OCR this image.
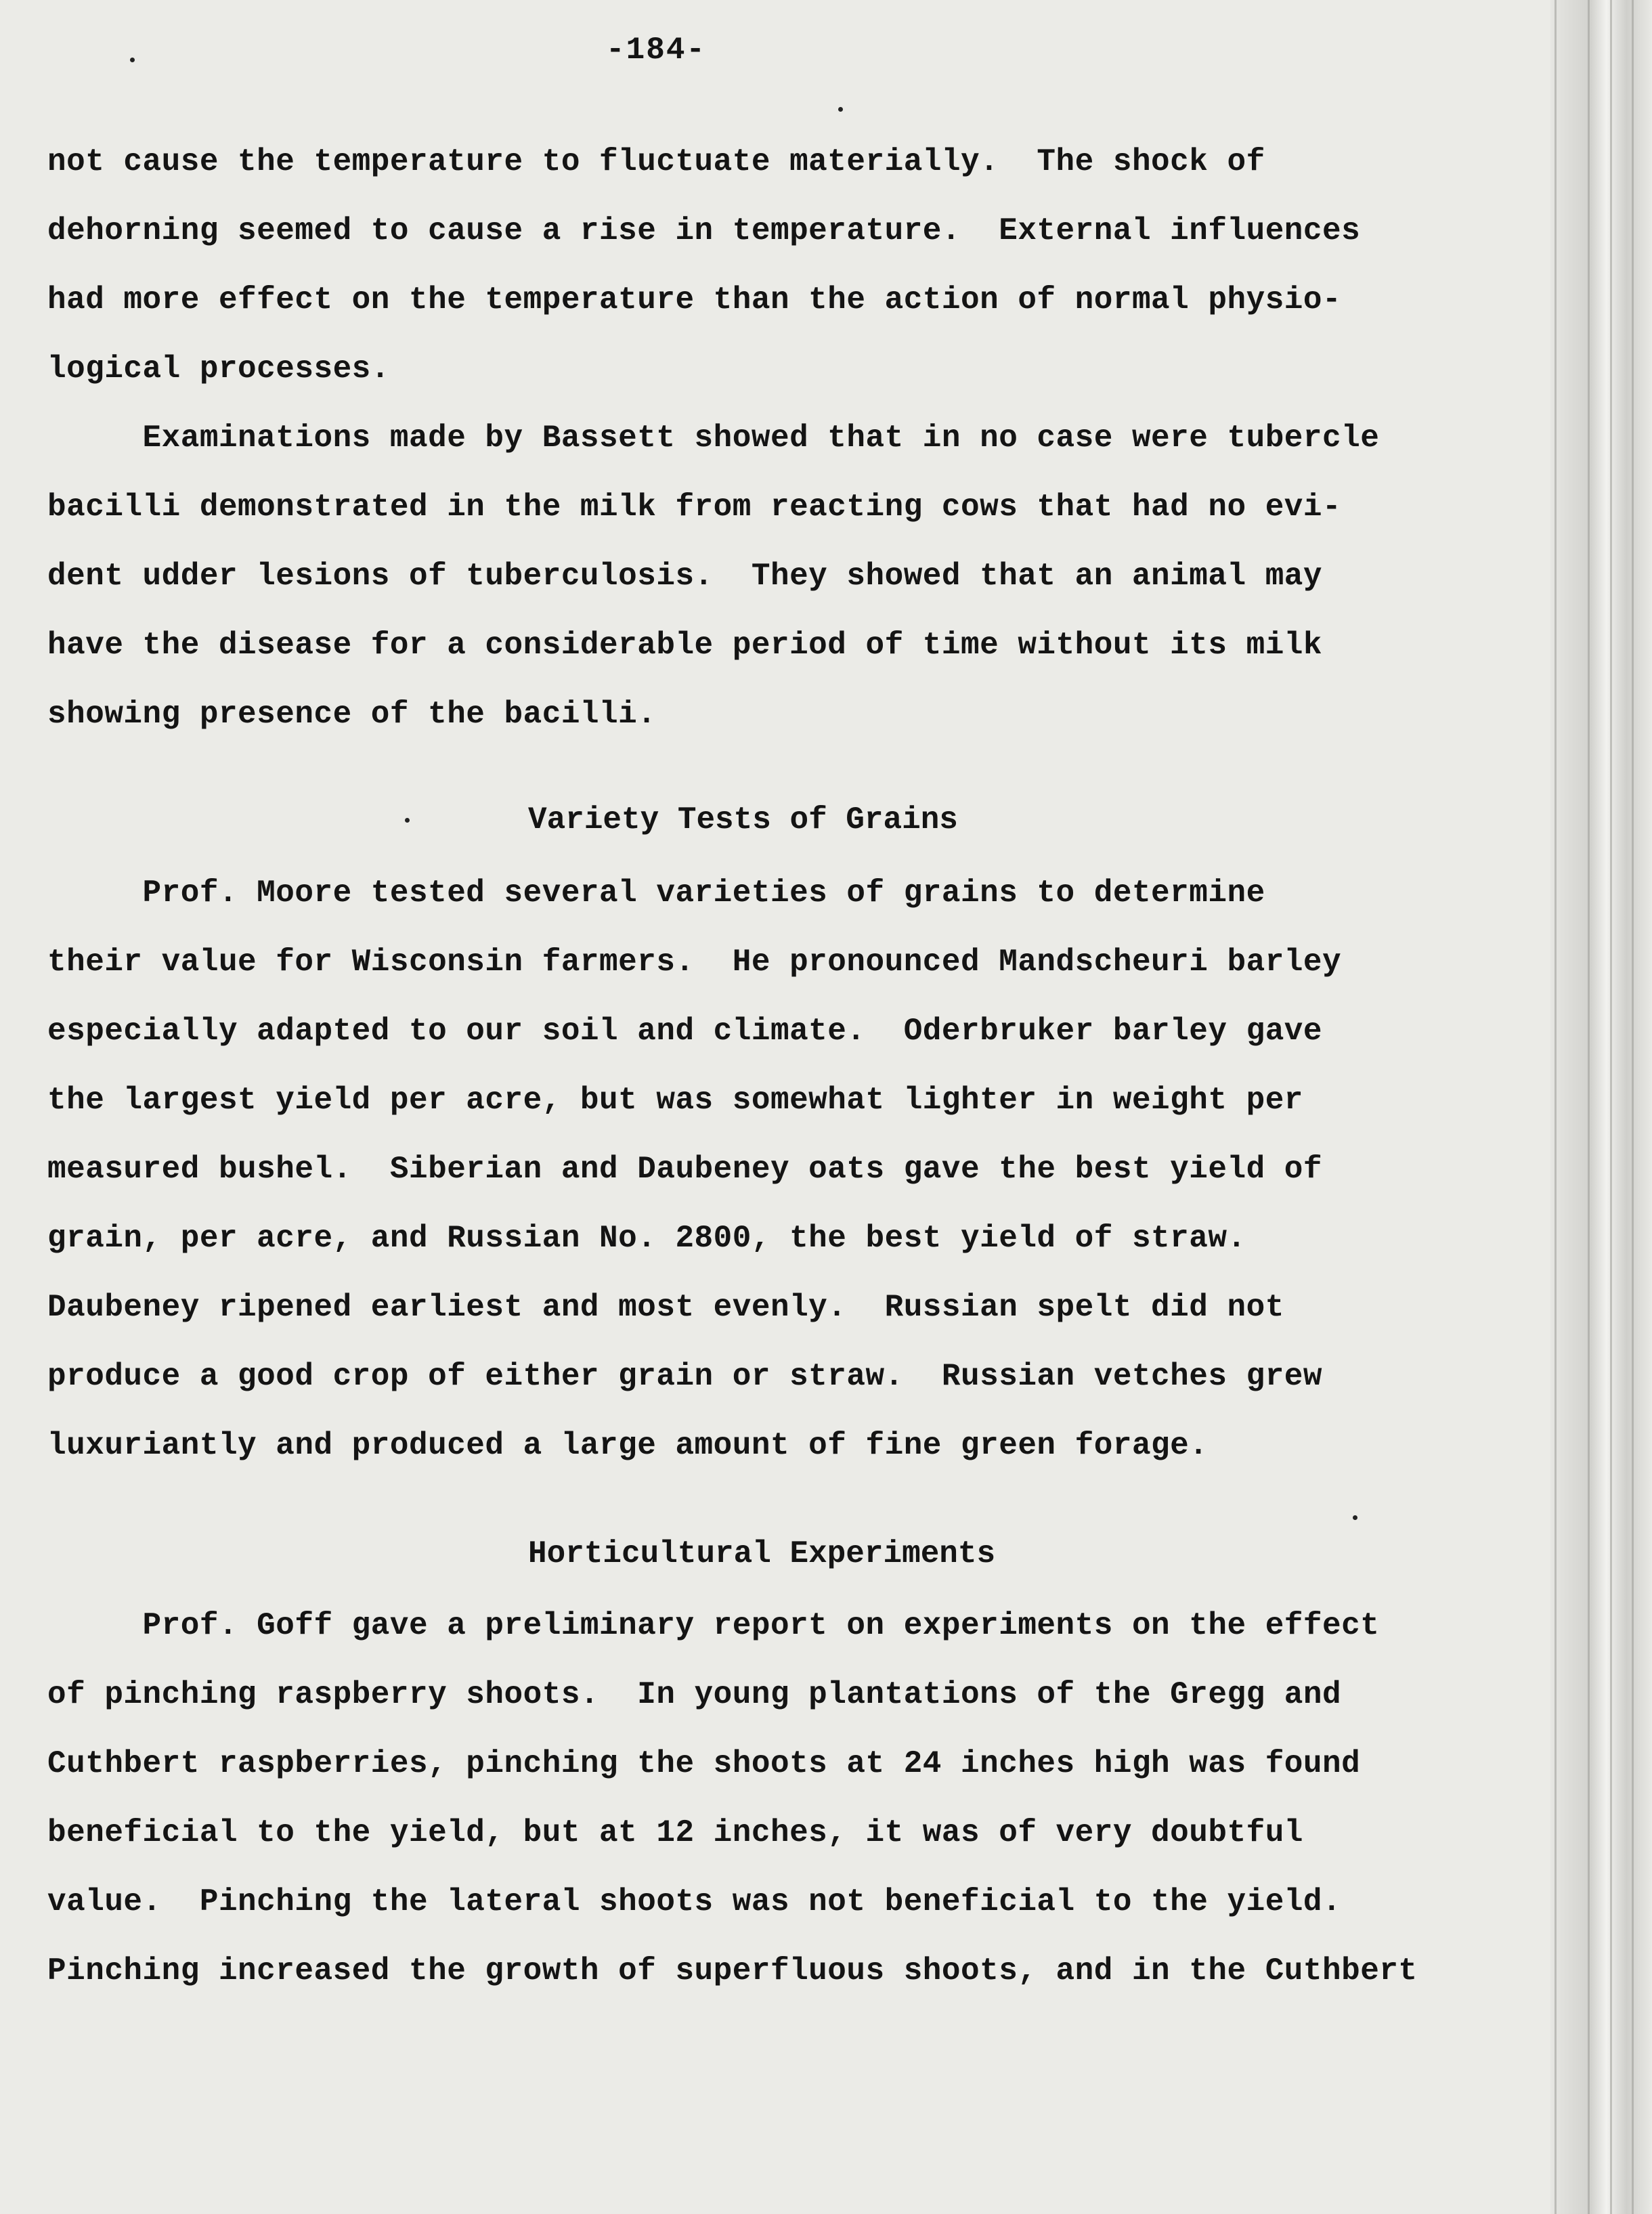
-184-
not cause the temperature to fluctuate materially.  The shock of
dehorning seemed to cause a rise in temperature.  External influences
had more effect on the temperature than the action of normal physio-
logical processes.
Examinations made by Bassett showed that in no case were tubercle
bacilli demonstrated in the milk from reacting cows that had no evi-
dent udder lesions of tuberculosis.  They showed that an animal may
have the disease for a considerable period of time without its milk
showing presence of the bacilli.
Variety Tests of Grains
Prof. Moore tested several varieties of grains to determine
their value for Wisconsin farmers.  He pronounced Mandscheuri barley
especially adapted to our soil and climate.  Oderbruker barley gave
the largest yield per acre, but was somewhat lighter in weight per
measured bushel.  Siberian and Daubeney oats gave the best yield of
grain, per acre, and Russian No. 2800, the best yield of straw.
Daubeney ripened earliest and most evenly.  Russian spelt did not
produce a good crop of either grain or straw.  Russian vetches grew
luxuriantly and produced a large amount of fine green forage.
Horticultural Experiments
Prof. Goff gave a preliminary report on experiments on the effect
of pinching raspberry shoots.  In young plantations of the Gregg and
Cuthbert raspberries, pinching the shoots at 24 inches high was found
beneficial to the yield, but at 12 inches, it was of very doubtful
value.  Pinching the lateral shoots was not beneficial to the yield.
Pinching increased the growth of superfluous shoots, and in the Cuthbert
